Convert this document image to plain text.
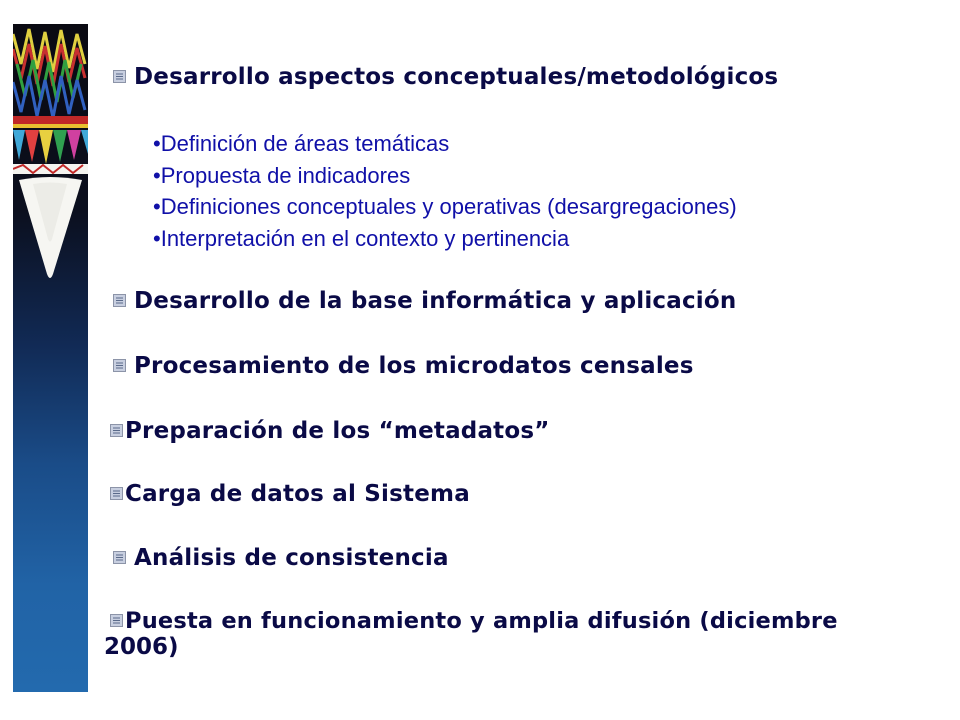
Desarrollo aspectos conceptuales/metodológicos
•Definición de áreas temáticas
•Propuesta de indicadores
•Definiciones conceptuales y operativas (desargregaciones)
•Interpretación en el contexto y pertinencia
Desarrollo de la base informática y aplicación
Procesamiento de los microdatos censales
Preparación de los “metadatos”
Carga de datos al Sistema
Análisis de consistencia
Puesta en funcionamiento y amplia difusión (diciembre
2006)
